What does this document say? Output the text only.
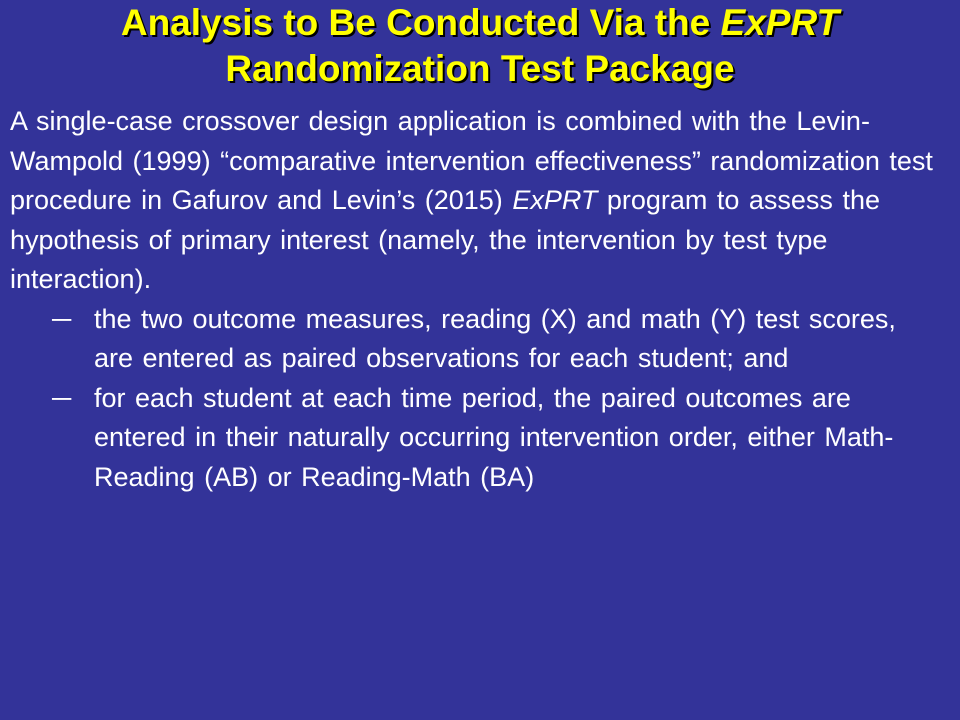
Analysis to Be Conducted Via the ExPRT
Randomization Test Package

A single-case crossover design application is combined with the Levin-Wampold (1999) “comparative intervention effectiveness” randomization test procedure in Gafurov and Levin’s (2015) ExPRT program to assess the hypothesis of primary interest (namely, the intervention by test type interaction).

─ the two outcome measures, reading (X) and math (Y) test scores, are entered as paired observations for each student; and

─ for each student at each time period, the paired outcomes are entered in their naturally occurring intervention order, either Math-Reading (AB) or Reading-Math (BA)
